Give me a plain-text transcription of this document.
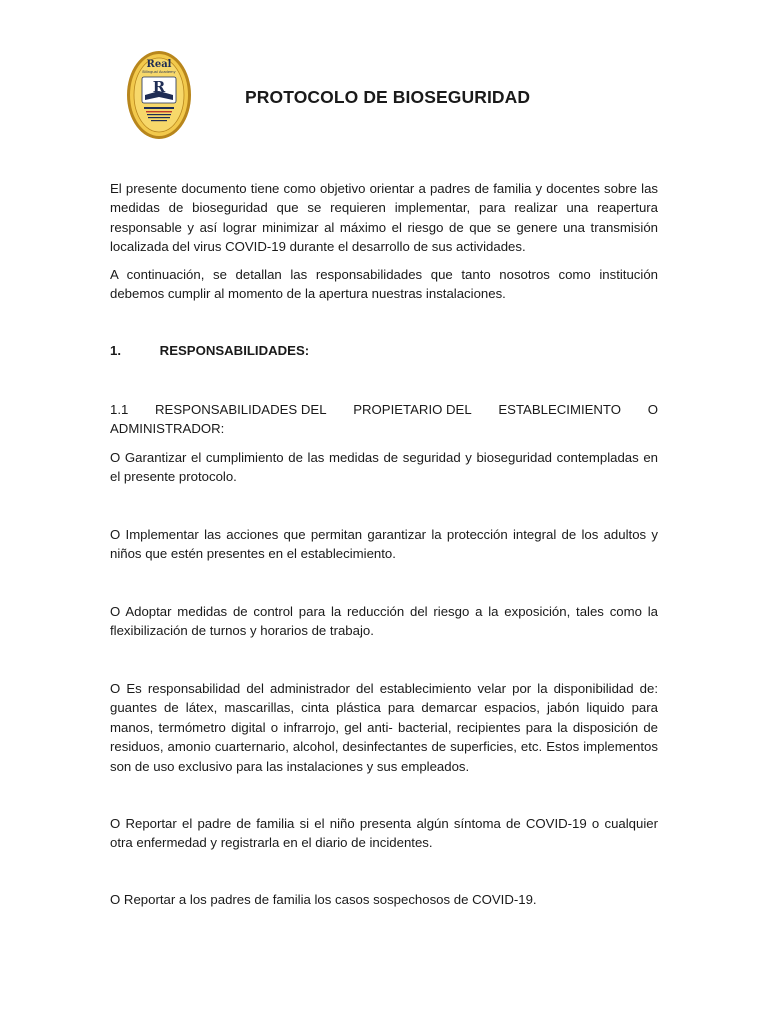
Real
Bilingual Academy
R	PROTOCOLO DE BIOSEGURIDAD

El presente documento tiene como objetivo orientar a padres de familia y docentes sobre las medidas de bioseguridad que se requieren implementar, para realizar una reapertura responsable y así lograr minimizar al máximo el riesgo de que se genere una transmisión localizada del virus COVID-19 durante el desarrollo de sus actividades.

A continuación, se detallan las responsabilidades que tanto nosotros como institución debemos cumplir al momento de la apertura nuestras instalaciones.

1.	RESPONSABILIDADES:
1.1 RESPONSABILIDADES DEL PROPIETARIO DEL ESTABLECIMIENTO O
ADMINISTRADOR:

O Garantizar el cumplimiento de las medidas de seguridad y bioseguridad contempladas en el presente protocolo.

O Implementar las acciones que permitan garantizar la protección integral de los adultos y niños que estén presentes en el establecimiento.

O Adoptar medidas de control para la reducción del riesgo a la exposición, tales como la flexibilización de turnos y horarios de trabajo.

O Es responsabilidad del administrador del establecimiento velar por la disponibilidad de: guantes de látex, mascarillas, cinta plástica para demarcar espacios, jabón liquido para manos, termómetro digital o infrarrojo, gel anti- bacterial, recipientes para la disposición de residuos, amonio cuarternario, alcohol, desinfectantes de superficies, etc. Estos implementos son de uso exclusivo para las instalaciones y sus empleados.

O Reportar el padre de familia si el niño presenta algún síntoma de COVID-19 o cualquier otra enfermedad y registrarla en el diario de incidentes.

O Reportar a los padres de familia los casos sospechosos de COVID-19.
